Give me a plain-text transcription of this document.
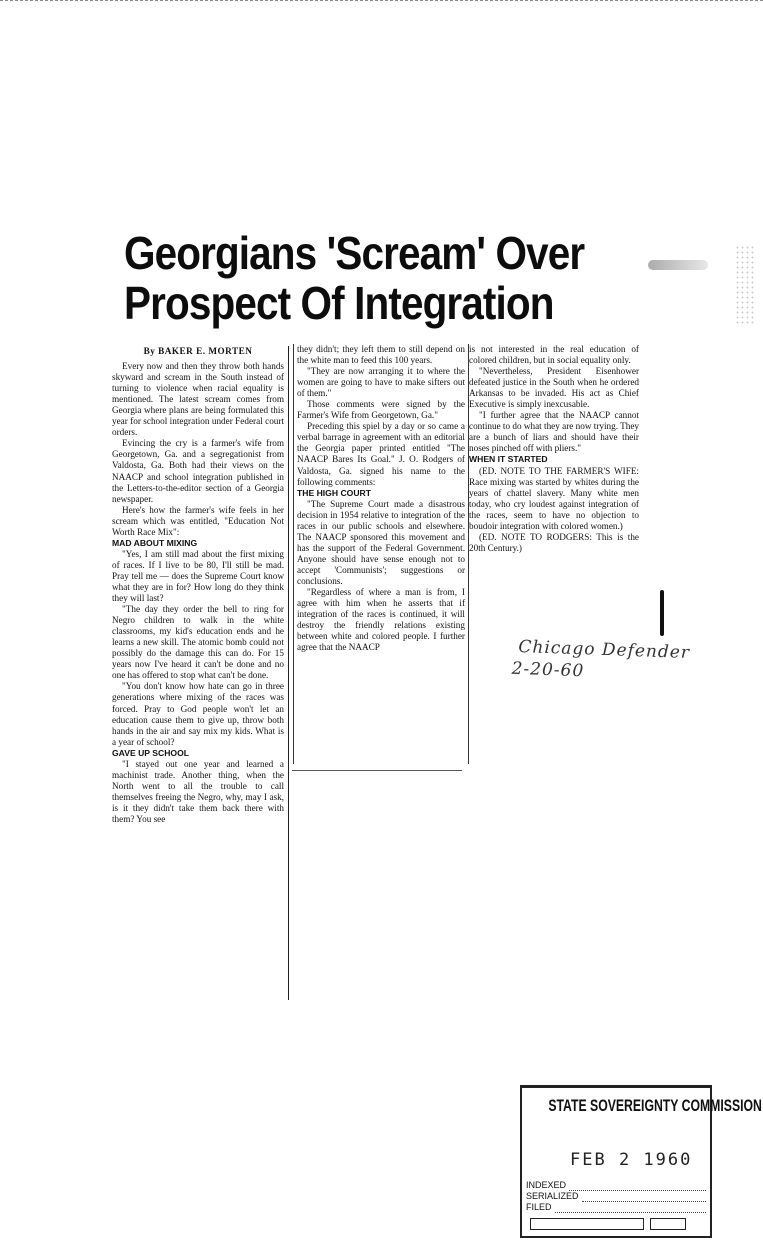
Georgians 'Scream' Over
Prospect Of Integration

By BAKER E. MORTEN

Every now and then they throw both hands skyward and scream in the South instead of turning to violence when racial equality is mentioned. The latest scream comes from Georgia where plans are being formulated this year for school integration under Federal court orders.

Evincing the cry is a farmer's wife from Georgetown, Ga. and a segregationist from Valdosta, Ga. Both had their views on the NAACP and school integration published in the Letters-to-the-editor section of a Georgia newspaper.

Here's how the farmer's wife feels in her scream which was entitled, "Education Not Worth Race Mix":

MAD ABOUT MIXING

"Yes, I am still mad about the first mixing of races. If I live to be 80, I'll still be mad. Pray tell me — does the Supreme Court know what they are in for? How long do they think they will last?

"The day they order the bell to ring for Negro children to walk in the white classrooms, my kid's education ends and he learns a new skill. The atomic bomb could not possibly do the damage this can do. For 15 years now I've heard it can't be done and no one has offered to stop what can't be done.

"You don't know how hate can go in three generations where mixing of the races was forced. Pray to God people won't let an education cause them to give up, throw both hands in the air and say mix my kids. What is a year of school?

GAVE UP SCHOOL

"I stayed out one year and learned a machinist trade. Another thing, when the North went to all the trouble to call themselves freeing the Negro, why, may I ask, is it they didn't take them back there with them? You see

they didn't; they left them to still depend on the white man to feed this 100 years.

"They are now arranging it to where the women are going to have to make sifters out of them."

Those comments were signed by the Farmer's Wife from Georgetown, Ga."

Preceding this spiel by a day or so came a verbal barrage in agreement with an editorial the Georgia paper printed entitled "The NAACP Bares Its Goal." J. O. Rodgers of Valdosta, Ga. signed his name to the following comments:

THE HIGH COURT

"The Supreme Court made a disastrous decision in 1954 relative to integration of the races in our public schools and elsewhere. The NAACP sponsored this movement and has the support of the Federal Government. Anyone should have sense enough not to accept 'Communists'; suggestions or conclusions.

"Regardless of where a man is from, I agree with him when he asserts that if integration of the races is continued, it will destroy the friendly relations existing between white and colored people. I further agree that the NAACP

is not interested in the real education of colored children, but in social equality only.

"Nevertheless, President Eisenhower defeated justice in the South when he ordered Arkansas to be invaded. His act as Chief Executive is simply inexcusable.

"I further agree that the NAACP cannot continue to do what they are now trying. They are a bunch of liars and should have their noses pinched off with pliers."

WHEN IT STARTED

(ED. NOTE TO THE FARMER'S WIFE: Race mixing was started by whites during the years of chattel slavery. Many white men today, who cry loudest against integration of the races, seem to have no objection to boudoir integration with colored women.)

(ED. NOTE TO RODGERS: This is the 20th Century.)

Chicago Defender
2-20-60
STATE SOVEREIGNTY COMMISSION
FEB 2 1960
INDEXED
SERIALIZED
FILED
